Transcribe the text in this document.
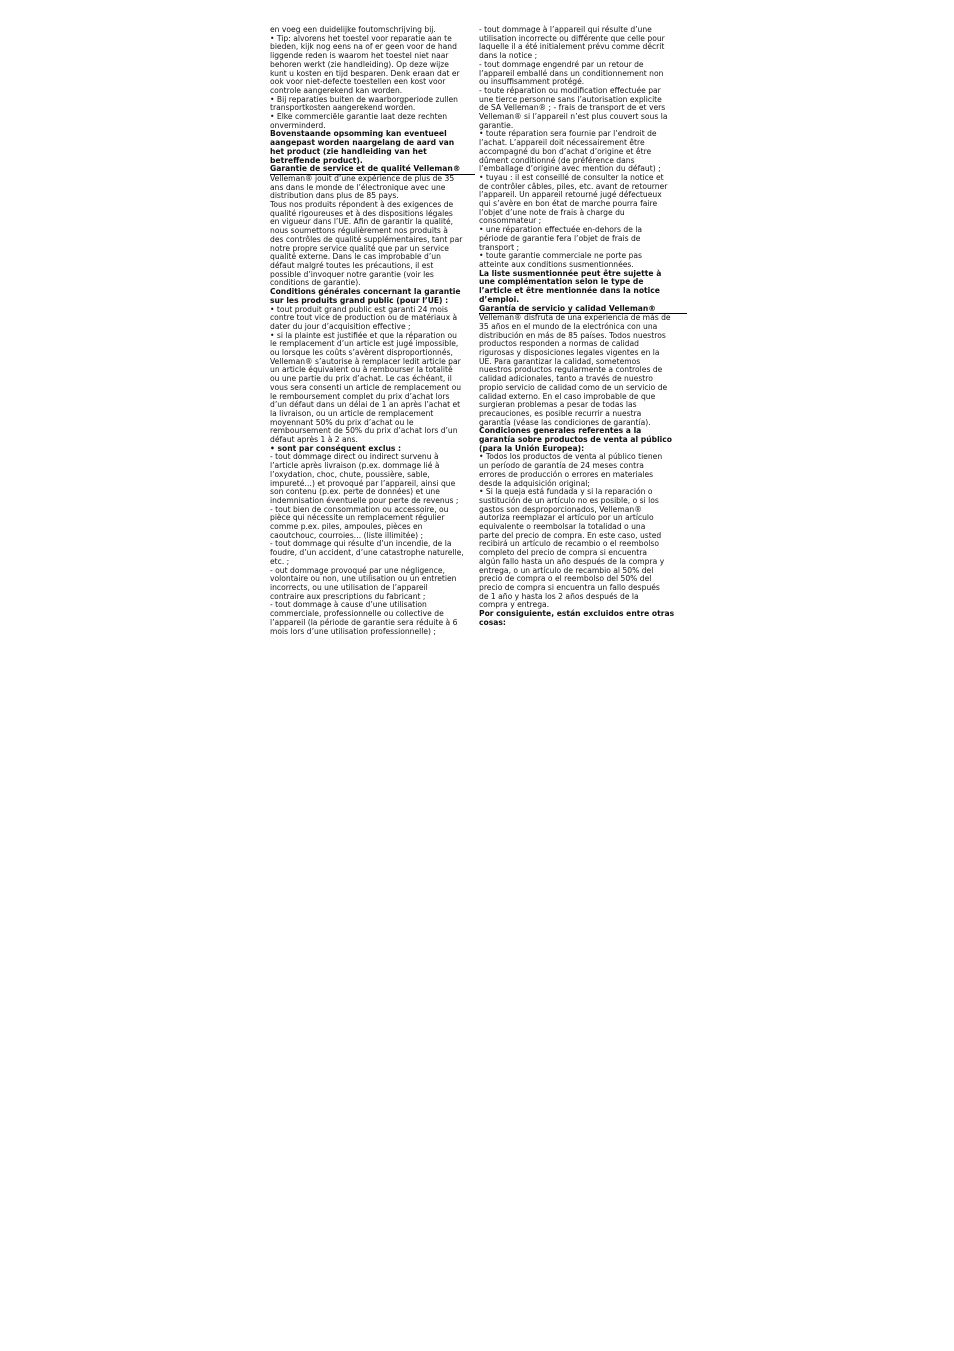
en voeg een duidelijke foutomschrijving bij.
• Tip: alvorens het toestel voor reparatie aan te
bieden, kijk nog eens na of er geen voor de hand
liggende reden is waarom het toestel niet naar
behoren werkt (zie handleiding). Op deze wijze
kunt u kosten en tijd besparen. Denk eraan dat er
ook voor niet-defecte toestellen een kost voor
controle aangerekend kan worden.
• Bij reparaties buiten de waarborgperiode zullen
transportkosten aangerekend worden.
• Elke commerciële garantie laat deze rechten
onverminderd.
Bovenstaande opsomming kan eventueel
aangepast worden naargelang de aard van
het product (zie handleiding van het
betreffende product).
Garantie de service et de qualité Velleman®
Velleman® jouit d’une expérience de plus de 35
ans dans le monde de l’électronique avec une
distribution dans plus de 85 pays.
Tous nos produits répondent à des exigences de
qualité rigoureuses et à des dispositions légales
en vigueur dans l’UE. Afin de garantir la qualité,
nous soumettons régulièrement nos produits à
des contrôles de qualité supplémentaires, tant par
notre propre service qualité que par un service
qualité externe. Dans le cas improbable d’un
défaut malgré toutes les précautions, il est
possible d’invoquer notre garantie (voir les
conditions de garantie).
Conditions générales concernant la garantie
sur les produits grand public (pour l’UE) :
• tout produit grand public est garanti 24 mois
contre tout vice de production ou de matériaux à
dater du jour d’acquisition effective ;
• si la plainte est justifiée et que la réparation ou
le remplacement d’un article est jugé impossible,
ou lorsque les coûts s’avèrent disproportionnés,
Velleman® s’autorise à remplacer ledit article par
un article équivalent ou à rembourser la totalité
ou une partie du prix d’achat. Le cas échéant, il
vous sera consenti un article de remplacement ou
le remboursement complet du prix d’achat lors
d’un défaut dans un délai de 1 an après l’achat et
la livraison, ou un article de remplacement
moyennant 50% du prix d’achat ou le
remboursement de 50% du prix d’achat lors d’un
défaut après 1 à 2 ans.
• sont par conséquent exclus :
- tout dommage direct ou indirect survenu à
l’article après livraison (p.ex. dommage lié à
l’oxydation, choc, chute, poussière, sable,
impureté…) et provoqué par l’appareil, ainsi que
son contenu (p.ex. perte de données) et une
indemnisation éventuelle pour perte de revenus ;
- tout bien de consommation ou accessoire, ou
pièce qui nécessite un remplacement régulier
comme p.ex. piles, ampoules, pièces en
caoutchouc, courroies… (liste illimitée) ;
- tout dommage qui résulte d’un incendie, de la
foudre, d’un accident, d’une catastrophe naturelle,
etc. ;
- out dommage provoqué par une négligence,
volontaire ou non, une utilisation ou un entretien
incorrects, ou une utilisation de l’appareil
contraire aux prescriptions du fabricant ;
- tout dommage à cause d’une utilisation
commerciale, professionnelle ou collective de
l’appareil (la période de garantie sera réduite à 6
mois lors d’une utilisation professionnelle) ;
- tout dommage à l’appareil qui résulte d’une
utilisation incorrecte ou différente que celle pour
laquelle il a été initialement prévu comme décrit
dans la notice ;
- tout dommage engendré par un retour de
l’appareil emballé dans un conditionnement non
ou insuffisamment protégé.
- toute réparation ou modification effectuée par
une tierce personne sans l’autorisation explicite
de SA Velleman® ; - frais de transport de et vers
Velleman® si l’appareil n’est plus couvert sous la
garantie.
• toute réparation sera fournie par l’endroit de
l’achat. L’appareil doit nécessairement être
accompagné du bon d’achat d’origine et être
dûment conditionné (de préférence dans
l’emballage d’origine avec mention du défaut) ;
• tuyau : il est conseillé de consulter la notice et
de contrôler câbles, piles, etc. avant de retourner
l’appareil. Un appareil retourné jugé défectueux
qui s’avère en bon état de marche pourra faire
l’objet d’une note de frais à charge du
consommateur ;
• une réparation effectuée en-dehors de la
période de garantie fera l’objet de frais de
transport ;
• toute garantie commerciale ne porte pas
atteinte aux conditions susmentionnées.
La liste susmentionnée peut être sujette à
une complémentation selon le type de
l’article et être mentionnée dans la notice
d’emploi.
Garantía de servicio y calidad Velleman®
Velleman® disfruta de una experiencia de más de
35 años en el mundo de la electrónica con una
distribución en más de 85 países. Todos nuestros
productos responden a normas de calidad
rigurosas y disposiciones legales vigentes en la
UE. Para garantizar la calidad, sometemos
nuestros productos regularmente a controles de
calidad adicionales, tanto a través de nuestro
propio servicio de calidad como de un servicio de
calidad externo. En el caso improbable de que
surgieran problemas a pesar de todas las
precauciones, es posible recurrir a nuestra
garantía (véase las condiciones de garantía).
Condiciones generales referentes a la
garantía sobre productos de venta al público
(para la Unión Europea):
• Todos los productos de venta al público tienen
un período de garantía de 24 meses contra
errores de producción o errores en materiales
desde la adquisición original;
• Si la queja está fundada y si la reparación o
sustitución de un artículo no es posible, o si los
gastos son desproporcionados, Velleman®
autoriza reemplazar el artículo por un artículo
equivalente o reembolsar la totalidad o una
parte del precio de compra. En este caso, usted
recibirá un artículo de recambio o el reembolso
completo del precio de compra si encuentra
algún fallo hasta un año después de la compra y
entrega, o un artículo de recambio al 50% del
precio de compra o el reembolso del 50% del
precio de compra si encuentra un fallo después
de 1 año y hasta los 2 años después de la
compra y entrega.
Por consiguiente, están excluidos entre otras
cosas:
